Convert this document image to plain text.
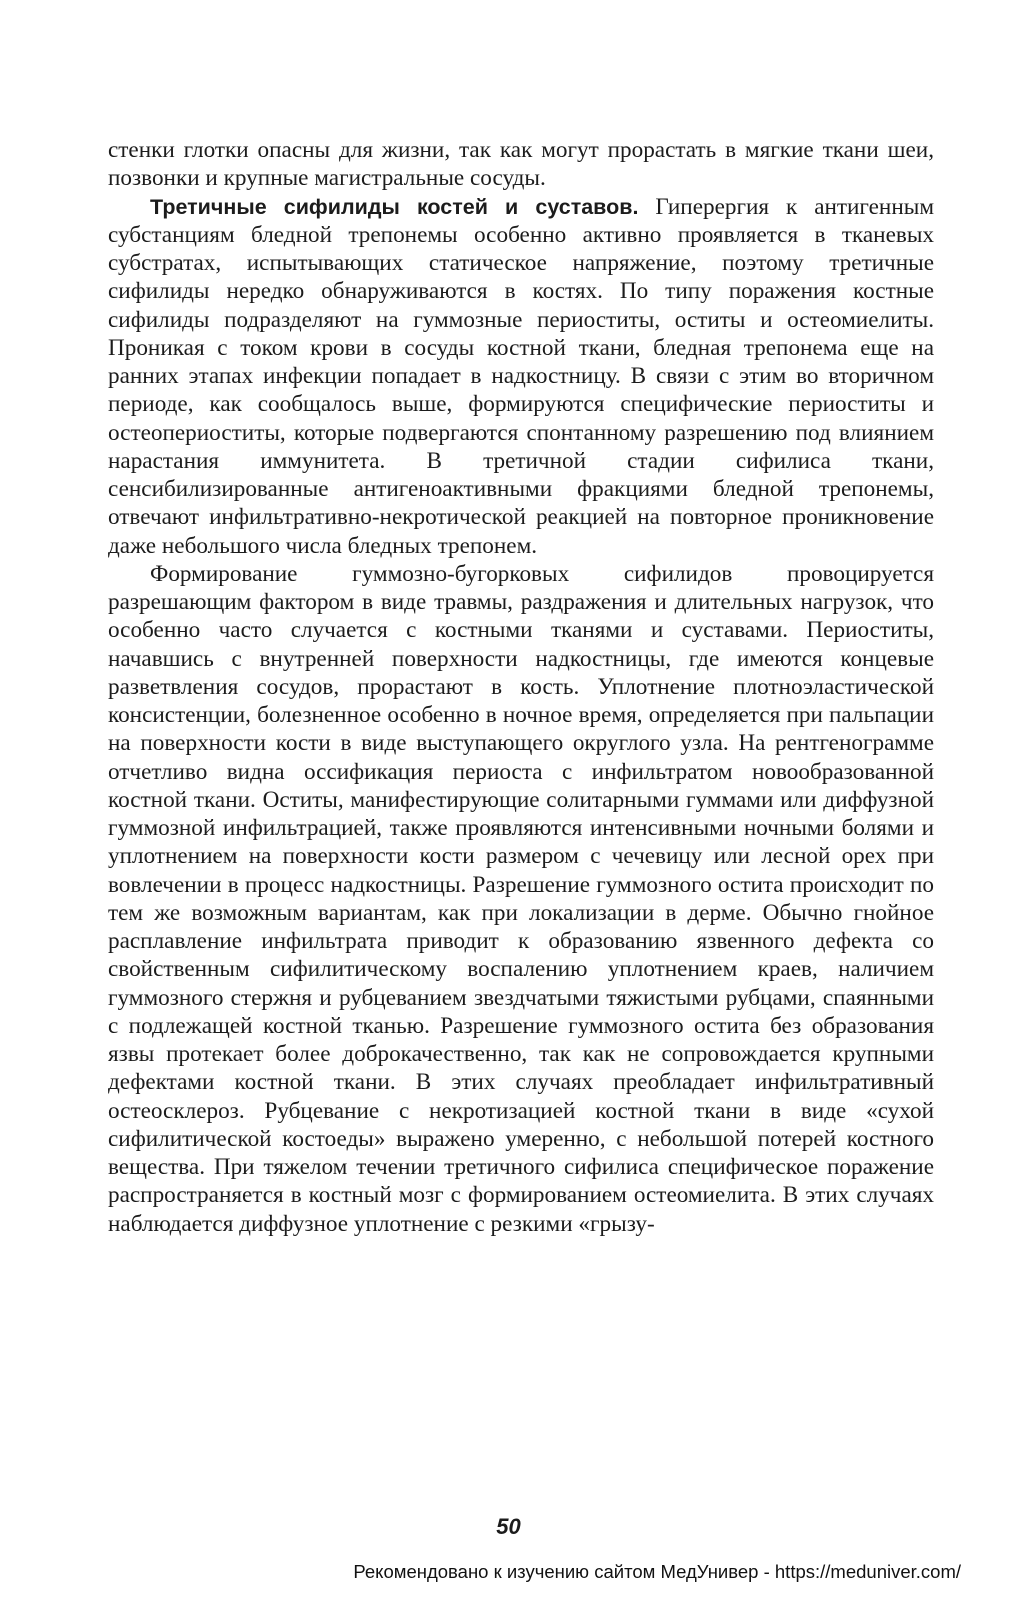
стенки глотки опасны для жизни, так как могут прорастать в мягкие ткани шеи, позвонки и крупные магистральные сосуды.

Третичные сифилиды костей и суставов. Гиперергия к антигенным субстанциям бледной трепонемы особенно активно проявляется в тканевых субстратах, испытывающих статическое напряжение, поэтому третичные сифилиды нередко обнаруживаются в костях. По типу поражения костные сифилиды подразделяют на гуммозные периоститы, оститы и остеомиелиты. Проникая с током крови в сосуды костной ткани, бледная трепонема еще на ранних этапах инфекции попадает в надкостницу. В связи с этим во вторичном периоде, как сообщалось выше, формируются специфические периоститы и остеопериоститы, которые подвергаются спонтанному разрешению под влиянием нарастания иммунитета. В третичной стадии сифилиса ткани, сенсибилизированные антигеноактивными фракциями бледной трепонемы, отвечают инфильтративно-некротической реакцией на повторное проникновение даже небольшого числа бледных трепонем.

Формирование гуммозно-бугорковых сифилидов провоцируется разрешающим фактором в виде травмы, раздражения и длительных нагрузок, что особенно часто случается с костными тканями и суставами. Периоститы, начавшись с внутренней поверхности надкостницы, где имеются концевые разветвления сосудов, прорастают в кость. Уплотнение плотноэластической консистенции, болезненное особенно в ночное время, определяется при пальпации на поверхности кости в виде выступающего округлого узла. На рентгенограмме отчетливо видна оссификация периоста с инфильтратом новообразованной костной ткани. Оститы, манифестирующие солитарными гуммами или диффузной гуммозной инфильтрацией, также проявляются интенсивными ночными болями и уплотнением на поверхности кости размером с чечевицу или лесной орех при вовлечении в процесс надкостницы. Разрешение гуммозного остита происходит по тем же возможным вариантам, как при локализации в дерме. Обычно гнойное расплавление инфильтрата приводит к образованию язвенного дефекта со свойственным сифилитическому воспалению уплотнением краев, наличием гуммозного стержня и рубцеванием звездчатыми тяжистыми рубцами, спаянными с подлежащей костной тканью. Разрешение гуммозного остита без образования язвы протекает более доброкачественно, так как не сопровождается крупными дефектами костной ткани. В этих случаях преобладает инфильтративный остеосклероз. Рубцевание с некротизацией костной ткани в виде «сухой сифилитической костоеды» выражено умеренно, с небольшой потерей костного вещества. При тяжелом течении третичного сифилиса специфическое поражение распространяется в костный мозг с формированием остеомиелита. В этих случаях наблюдается диффузное уплотнение с резкими «грызу-

50
Рекомендовано к изучению сайтом МедУнивер - https://meduniver.com/
